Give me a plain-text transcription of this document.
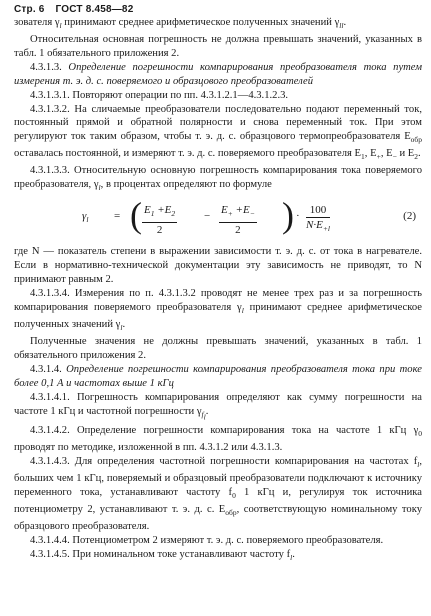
Стр. 6 ГОСТ 8.458—82

зователя $\gamma_l$ принимают среднее арифметическое полученных значений $\gamma_{ll}$.

Относительная основная погрешность не должна превышать значений, указанных в табл. 1 обязательного приложения 2.

4.3.1.3. Определение погрешности компарирования преобразователя тока путем измерения т. э. д. с. поверяемого и образцового преобразователей

4.3.1.3.1. Повторяют операции по пп. 4.3.1.2.1—4.3.1.2.3.

4.3.1.3.2. На сличаемые преобразователи последовательно подают переменный ток, постоянный прямой и обратной полярности и снова переменный ток. При этом регулируют ток таким образом, чтобы т. э. д. с. образцового термопреобразователя $E_{обр}$ оставалась постоянной, и измеряют т. э. д. с. поверяемого преобразователя $E_1$, $E_+$, $E_-$ и $E_2$.

4.3.1.3.3. Относительную основную погрешность компарирования тока поверяемого преобразователя, $\gamma_l$, в процентах определяют по формуле

$\gamma_l$ = ( $\frac{E_1 +E_2}{2} - \frac{E_+ +E_-}{2}$ ) · $\frac{100}{N\cdot E_{+l}}$	(2)

где N — показатель степени в выражении зависимости т. э. д. с. от тока в нагревателе. Если в нормативно-технической документации эту зависимость не приводят, то N принимают равным 2.

4.3.1.3.4. Измерения по п. 4.3.1.3.2 проводят не менее трех раз и за погрешность компарирования поверяемого преобразователя $\gamma_l$ принимают среднее арифметическое полученных значений $\gamma_l$.

Полученные значения не должны превышать значений, указанных в табл. 1 обязательного приложения 2.

4.3.1.4. Определение погрешности компарирования преобразователя тока при токе более 0,1 А и частотах выше 1 кГц

4.3.1.4.1. Погрешность компарирования определяют как сумму погрешности на частоте 1 кГц и частотной погрешности $\gamma_{f_l}$.

4.3.1.4.2. Определение погрешности компарирования тока на частоте 1 кГц $\gamma_0$ проводят по методике, изложенной в пп. 4.3.1.2 или 4.3.1.3.

4.3.1.4.3. Для определения частотной погрешности компарирования на частотах $f_l$, больших чем 1 кГц, поверяемый и образцовый преобразователи подключают к источнику переменного тока, устанавливают частоту $f_0$ 1 кГц и, регулируя ток источника потенциометру 2, устанавливают т. э. д. с. $E_{обр}$, соответствующую номинальному току образцового преобразователя.

4.3.1.4.4. Потенциометром 2 измеряют т. э. д. с. поверяемого преобразователя.

4.3.1.4.5. При номинальном токе устанавливают частоту $f_l$.
